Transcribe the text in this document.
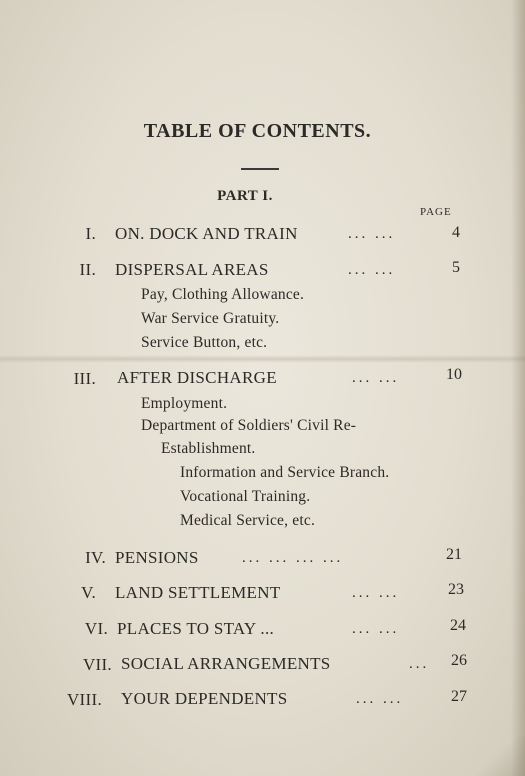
TABLE OF CONTENTS.
PART I.
PAGE
I. ON. DOCK AND TRAIN	... ...	4
II. DISPERSAL AREAS	... ...	5
Pay, Clothing Allowance.
War Service Gratuity.
Service Button, etc.
III. AFTER DISCHARGE	... ...	10
Employment.
Department of Soldiers' Civil Re-
Establishment.
Information and Service Branch.
Vocational Training.
Medical Service, etc.
IV. PENSIONS	... ... ... ...	21
V. LAND SETTLEMENT	... ...	23
VI. PLACES TO STAY ...	... ...	24
VII. SOCIAL ARRANGEMENTS	...	26
VIII. YOUR DEPENDENTS	... ...	27
